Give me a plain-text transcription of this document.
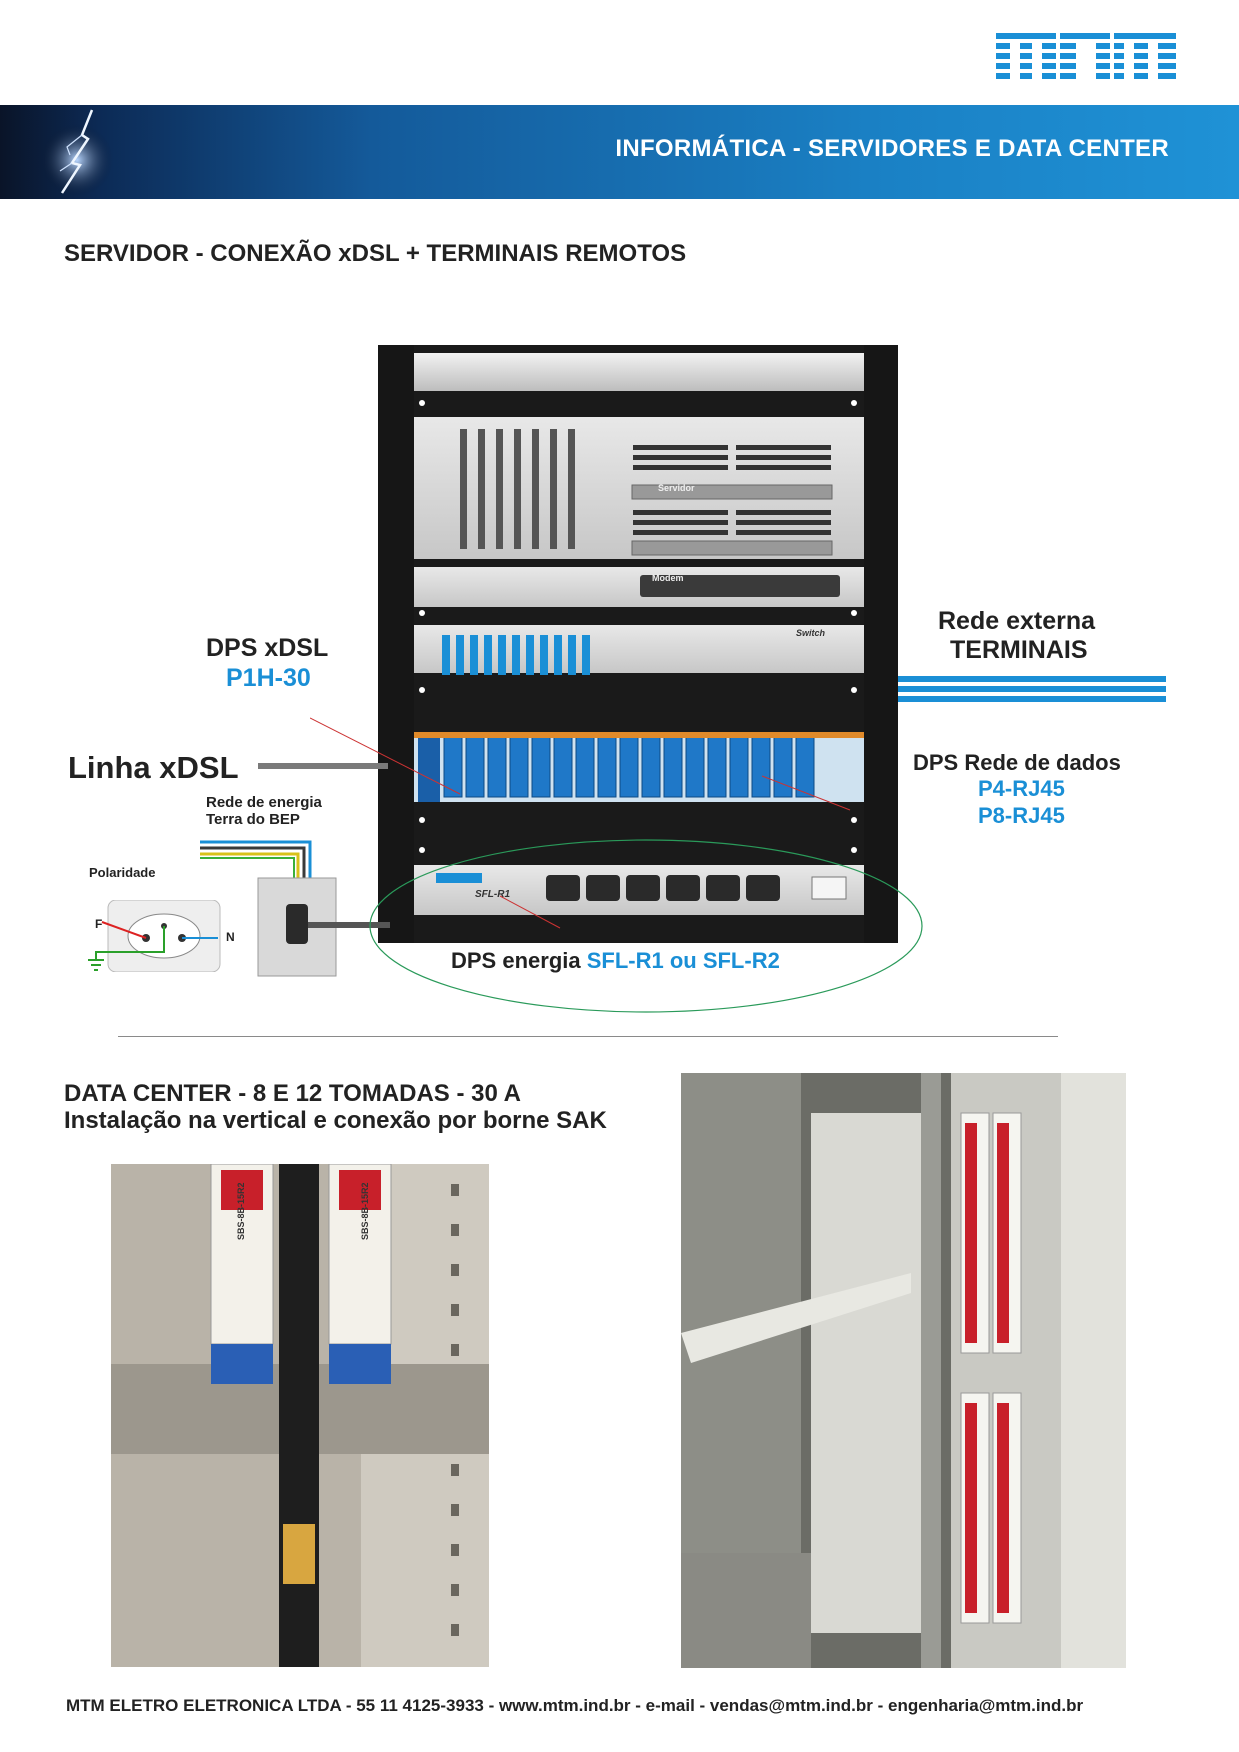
INFORMÁTICA - SERVIDORES E DATA CENTER
SERVIDOR - CONEXÃO xDSL + TERMINAIS REMOTOS
Servidor
Modem
Switch
SFL-R1
F
N
DPS xDSL
P1H-30
Linha xDSL
Rede de energia
Terra do BEP
Polaridade
Rede externa
TERMINAIS
DPS Rede de dados
P4-RJ45
P8-RJ45
DPS energia SFL-R1 ou SFL-R2
DATA CENTER - 8 E 12 TOMADAS - 30 A
Instalação na vertical e conexão por borne SAK
SBS-8B-15R2	SBS-8B-15R2
MTM ELETRO ELETRONICA LTDA - 55 11 4125-3933 - www.mtm.ind.br - e-mail - vendas@mtm.ind.br - engenharia@mtm.ind.br
